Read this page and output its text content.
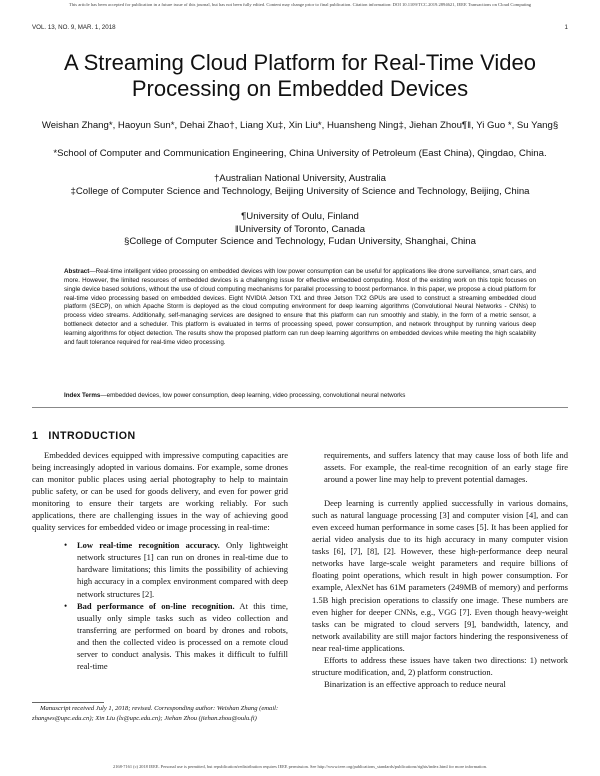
This article has been accepted for publication in a future issue of this journal, but has not been fully edited. Content may change prior to final publication. Citation information: DOI 10.1109/TCC.2019.2894621, IEEE Transactions on Cloud Computing
VOL. 13, NO. 9, MAR. 1, 2018	1
A Streaming Cloud Platform for Real-Time Video Processing on Embedded Devices
Weishan Zhang*, Haoyun Sun*, Dehai Zhao†, Liang Xu‡, Xin Liu*, Huansheng Ning‡, Jiehan Zhou¶‖, Yi Guo *, Su Yang§
*School of Computer and Communication Engineering, China University of Petroleum (East China), Qingdao, China.
†Australian National University, Australia
‡College of Computer Science and Technology, Beijing University of Science and Technology, Beijing, China
¶University of Oulu, Finland
‖University of Toronto, Canada
§College of Computer Science and Technology, Fudan University, Shanghai, China
Abstract—Real-time intelligent video processing on embedded devices with low power consumption can be useful for applications like drone surveillance, smart cars, and more. However, the limited resources of embedded devices is a challenging issue for effective embedded computing. Most of the existing work on this topic focuses on single device based solutions, without the use of cloud computing mechanisms for parallel processing to boost performance. In this paper, we propose a cloud platform for real-time video processing based on embedded devices. Eight NVIDIA Jetson TX1 and three Jetson TX2 GPUs are used to construct a streaming embedded cloud platform (SECP), on which Apache Storm is deployed as the cloud computing environment for deep learning algorithms (Convolutional Neural Networks - CNNs) to process video streams. Additionally, self-managing services are designed to ensure that this platform can run smoothly and stably, in the form of a metric sensor, a bottleneck detector and a scheduler. This platform is evaluated in terms of processing speed, power consumption, and network throughput by running various deep learning algorithms for object detection. The results show the proposed platform can run deep learning algorithms on embedded devices while meeting the high scalability and fault tolerance required for real-time video processing.
Index Terms—embedded devices, low power consumption, deep learning, video processing, convolutional neural networks
1 INTRODUCTION

Embedded devices equipped with impressive computing capacities are being increasingly adopted in various domains. For example, some drones can monitor public places using aerial photography to help to maintain public safety, or can be used for goods delivery, and even for power grid monitoring to ensure their targets are working reliably. For such applications, there are challenging issues in the way of achieving good quality services for embedded video or image processing in real-time:

• Low real-time recognition accuracy. Only lightweight network structures [1] can run on drones in real-time due to hardware limitations; this limits the possibility of achieving high accuracy in a complex environment compared with deep network structures [2].

• Bad performance of on-line recognition. At this time, usually only simple tasks such as video collection and transferring are performed on board by drones and robots, and then the collected video is processed on a remote cloud server to conduct analysis. This makes it difficult to fulfill real-time

requirements, and suffers latency that may cause loss of both life and assets. For example, the real-time recognition of an early stage fire around a power line may help to prevent potential damages.

Deep learning is currently applied successfully in various domains, such as natural language processing [3] and computer vision [4], and can even exceed human performance in some cases [5]. It has been applied for aerial video analysis due to its high accuracy in many computer vision tasks [6], [7], [8], [2]. However, these high-performance deep neural networks have large-scale weight parameters and require billions of floating point operations, which result in high power consumption. For example, AlexNet has 61M parameters (249MB of memory) and performs 1.5B high precision operations to classify one image. These numbers are even higher for deeper CNNs, e.g., VGG [7]. Even though heavy-weight tasks can be migrated to cloud servers [9], bandwidth, latency, and network availability are still major factors hindering the responsiveness of near real-time applications.

Efforts to address these issues have taken two directions: 1) network structure modification, and, 2) platform construction.

Binarization is an effective approach to reduce neural

Manuscript received July 1, 2018; revised. Corresponding author: Weishan Zhang (email: zhangws@upc.edu.cn); Xin Liu (lx@upc.edu.cn); Jiehan Zhou (jiehan.zhou@oulu.fi)
2168-7161 (c) 2018 IEEE. Personal use is permitted, but republication/redistribution requires IEEE permission. See http://www.ieee.org/publications_standards/publications/rights/index.html for more information.
